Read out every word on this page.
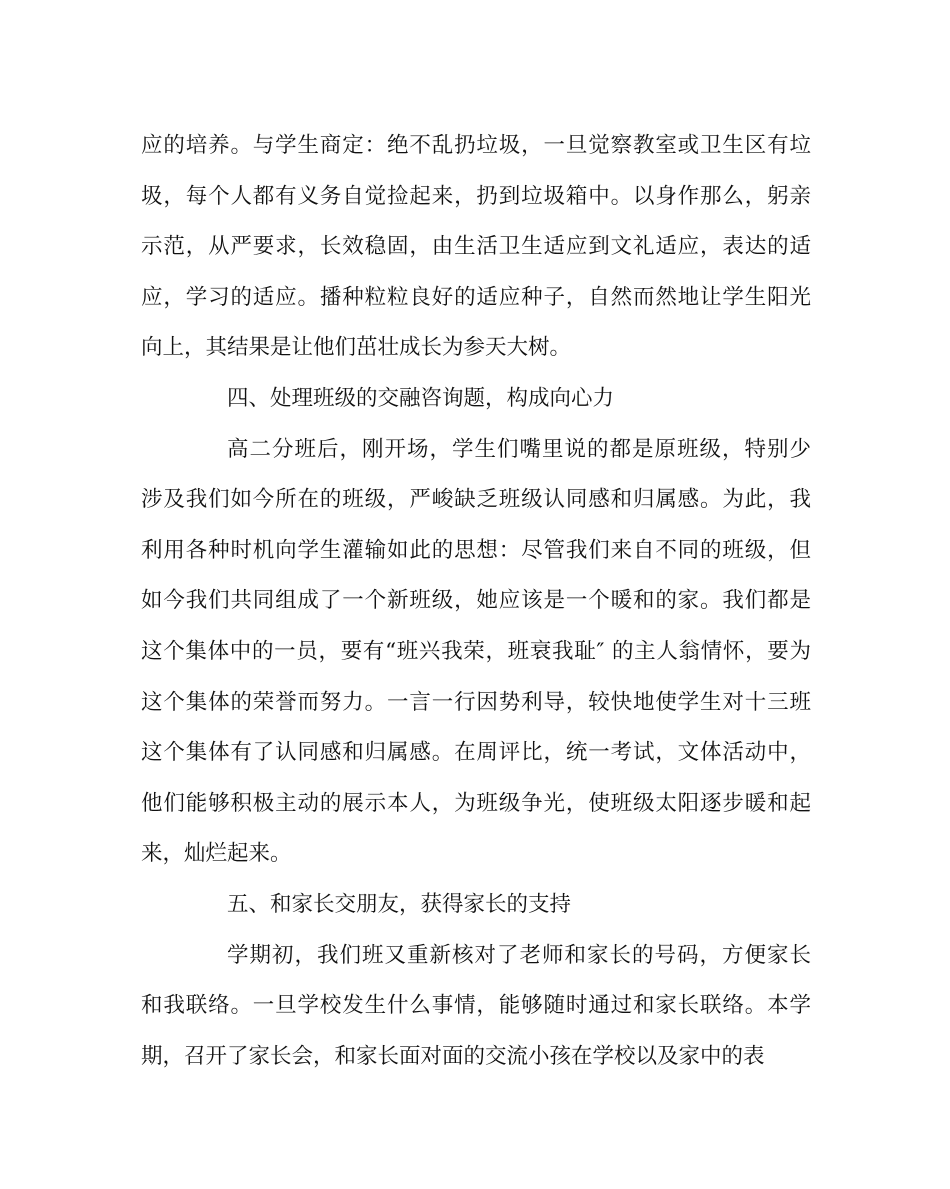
应的培养。与学生商定：绝不乱扔垃圾，一旦觉察教室或卫生区有垃
圾，每个人都有义务自觉捡起来，扔到垃圾箱中。以身作那么，躬亲
示范，从严要求，长效稳固，由生活卫生适应到文礼适应，表达的适
应，学习的适应。播种粒粒良好的适应种子，自然而然地让学生阳光
向上，其结果是让他们茁壮成长为参天大树。
四、处理班级的交融咨询题，构成向心力
高二分班后，刚开场，学生们嘴里说的都是原班级，特别少
涉及我们如今所在的班级，严峻缺乏班级认同感和归属感。为此，我
利用各种时机向学生灌输如此的思想：尽管我们来自不同的班级，但
如今我们共同组成了一个新班级，她应该是一个暖和的家。我们都是
这个集体中的一员，要有“班兴我荣，班衰我耻″ 的主人翁情怀，要为
这个集体的荣誉而努力。一言一行因势利导，较快地使学生对十三班
这个集体有了认同感和归属感。在周评比，统一考试，文体活动中，
他们能够积极主动的展示本人，为班级争光，使班级太阳逐步暖和起
来，灿烂起来。
五、和家长交朋友，获得家长的支持
学期初，我们班又重新核对了老师和家长的号码，方便家长
和我联络。一旦学校发生什么事情，能够随时通过和家长联络。本学
期，召开了家长会，和家长面对面的交流小孩在学校以及家中的表
